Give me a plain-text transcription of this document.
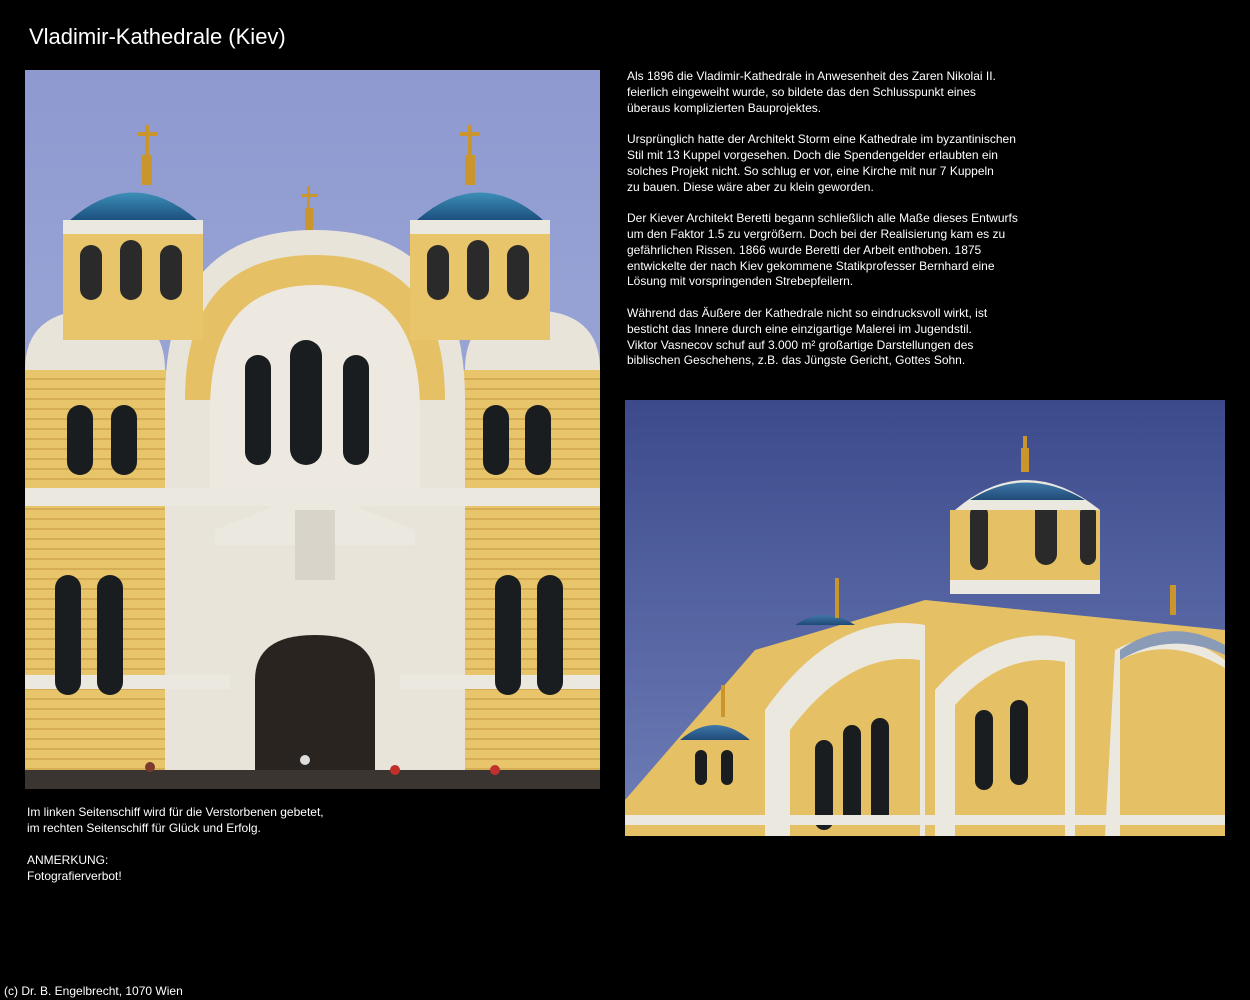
Vladimir-Kathedrale (Kiev)

Als 1896 die Vladimir-Kathedrale in Anwesenheit des Zaren Nikolai II.
feierlich eingeweiht wurde, so bildete das den Schlusspunkt eines
überaus komplizierten Bauprojektes.

Ursprünglich hatte der Architekt Storm eine Kathedrale im byzantinischen
Stil mit 13 Kuppel vorgesehen. Doch die Spendengelder erlaubten ein
solches Projekt nicht. So schlug er vor, eine Kirche mit nur 7 Kuppeln
zu bauen. Diese wäre aber zu klein geworden.

Der Kiever Architekt Beretti begann schließlich alle Maße dieses Entwurfs
um den Faktor 1.5 zu vergrößern. Doch bei der Realisierung kam es zu
gefährlichen Rissen. 1866 wurde Beretti der Arbeit enthoben. 1875
entwickelte der nach Kiev gekommene Statikprofesser Bernhard eine
Lösung mit vorspringenden Strebepfeilern.

Während das Äußere der Kathedrale nicht so eindrucksvoll wirkt, ist
besticht das Innere durch eine einzigartige Malerei im Jugendstil.
Viktor Vasnecov schuf auf 3.000 m² großartige Darstellungen des
biblischen Geschehens, z.B. das Jüngste Gericht, Gottes Sohn.

Im linken Seitenschiff wird für die Verstorbenen gebetet,
im rechten Seitenschiff für Glück und Erfolg.
ANMERKUNG:
Fotografierverbot!
(c) Dr. B. Engelbrecht, 1070 Wien
